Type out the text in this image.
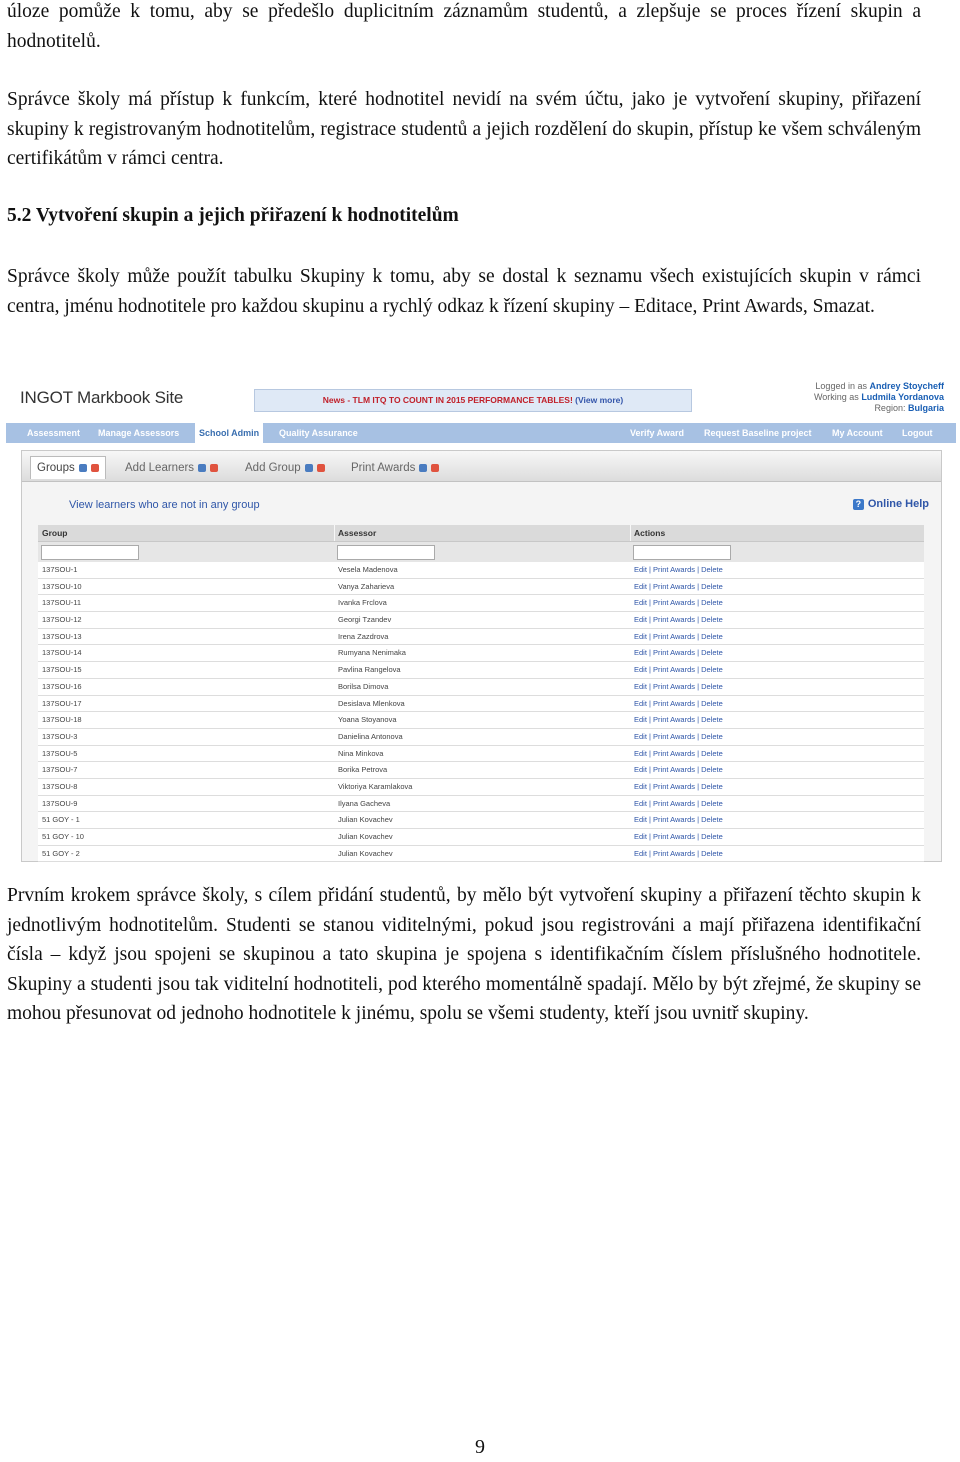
úloze pomůže k tomu, aby se předešlo duplicitním záznamům studentů, a zlepšuje se proces řízení skupin a hodnotitelů.

Správce školy má přístup k funkcím, které hodnotitel nevidí na svém účtu, jako je vytvoření skupiny, přiřazení skupiny k registrovaným hodnotitelům, registrace studentů a jejich rozdělení do skupin, přístup ke všem schváleným certifikátům v rámci centra.

5.2 Vytvoření skupin a jejich přiřazení k hodnotitelům

Správce školy může použít tabulku Skupiny k tomu, aby se dostal k seznamu všech existujících skupin v rámci centra, jménu hodnotitele pro každou skupinu a rychlý odkaz k řízení skupiny – Editace, Print Awards, Smazat.

INGOT Markbook Site	News - TLM ITQ TO COUNT IN 2015 PERFORMANCE TABLES! (View more)
Logged in as Andrey Stoycheff
Working as Ludmila Yordanova
Region: Bulgaria
Assessment Manage Assessors	School Admin	Quality Assurance	Verify Award Request Baseline project My Account Logout
Groups	Add Learners	Add Group	Print Awards
View learners who are not in any group	? Online Help
Group	Assessor	Actions
137SOU-1	Vesela Madenova	Edit | Print Awards | Delete
137SOU-10	Vanya Zaharieva	Edit | Print Awards | Delete
137SOU-11	Ivanka Frclova	Edit | Print Awards | Delete
137SOU-12	Georgi Tzandev	Edit | Print Awards | Delete
137SOU-13	Irena Zazdrova	Edit | Print Awards | Delete
137SOU-14	Rumyana Nenimaka	Edit | Print Awards | Delete
137SOU-15	Pavlina Rangelova	Edit | Print Awards | Delete
137SOU-16	Borilsa Dimova	Edit | Print Awards | Delete
137SOU-17	Desislava Mlenkova	Edit | Print Awards | Delete
137SOU-18	Yoana Stoyanova	Edit | Print Awards | Delete
137SOU-3	Danielina Antonova	Edit | Print Awards | Delete
137SOU-5	Nina Minkova	Edit | Print Awards | Delete
137SOU-7	Borika Petrova	Edit | Print Awards | Delete
137SOU-8	Viktoriya Karamlakova	Edit | Print Awards | Delete
137SOU-9	Ilyana Gacheva	Edit | Print Awards | Delete
51 GOY - 1	Julian Kovachev	Edit | Print Awards | Delete
51 GOY - 10	Julian Kovachev	Edit | Print Awards | Delete
51 GOY - 2	Julian Kovachev	Edit | Print Awards | Delete

Prvním krokem správce školy, s cílem přidání studentů, by mělo být vytvoření skupiny a přiřazení těchto skupin k jednotlivým hodnotitelům. Studenti se stanou viditelnými, pokud jsou registrováni a mají přiřazena identifikační čísla – když jsou spojeni se skupinou a tato skupina je spojena s identifikačním číslem příslušného hodnotitele. Skupiny a studenti jsou tak viditelní hodnotiteli, pod kterého momentálně spadají. Mělo by být zřejmé, že skupiny se mohou přesunovat od jednoho hodnotitele k jinému, spolu se všemi studenty, kteří jsou uvnitř skupiny.

9
